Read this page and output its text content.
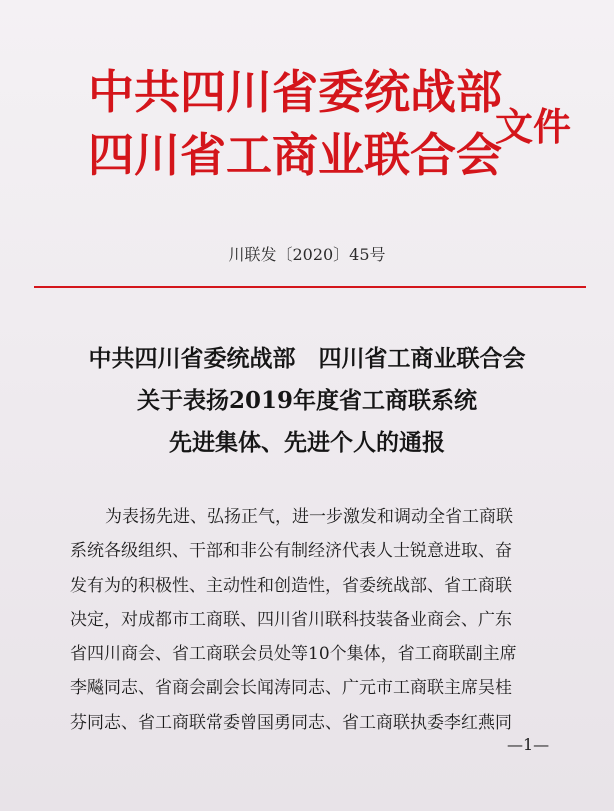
中共四川省委统战部
四川省工商业联合会
文件
川联发〔2020〕45号
中共四川省委统战部　四川省工商业联合会
关于表扬2019年度省工商联系统
先进集体、先进个人的通报
为表扬先进、弘扬正气，进一步激发和调动全省工商联
系统各级组织、干部和非公有制经济代表人士锐意进取、奋
发有为的积极性、主动性和创造性，省委统战部、省工商联
决定，对成都市工商联、四川省川联科技装备业商会、广东
省四川商会、省工商联会员处等10个集体，省工商联副主席
李飚同志、省商会副会长闻涛同志、广元市工商联主席吴桂
芬同志、省工商联常委曾国勇同志、省工商联执委李红燕同
—1—
